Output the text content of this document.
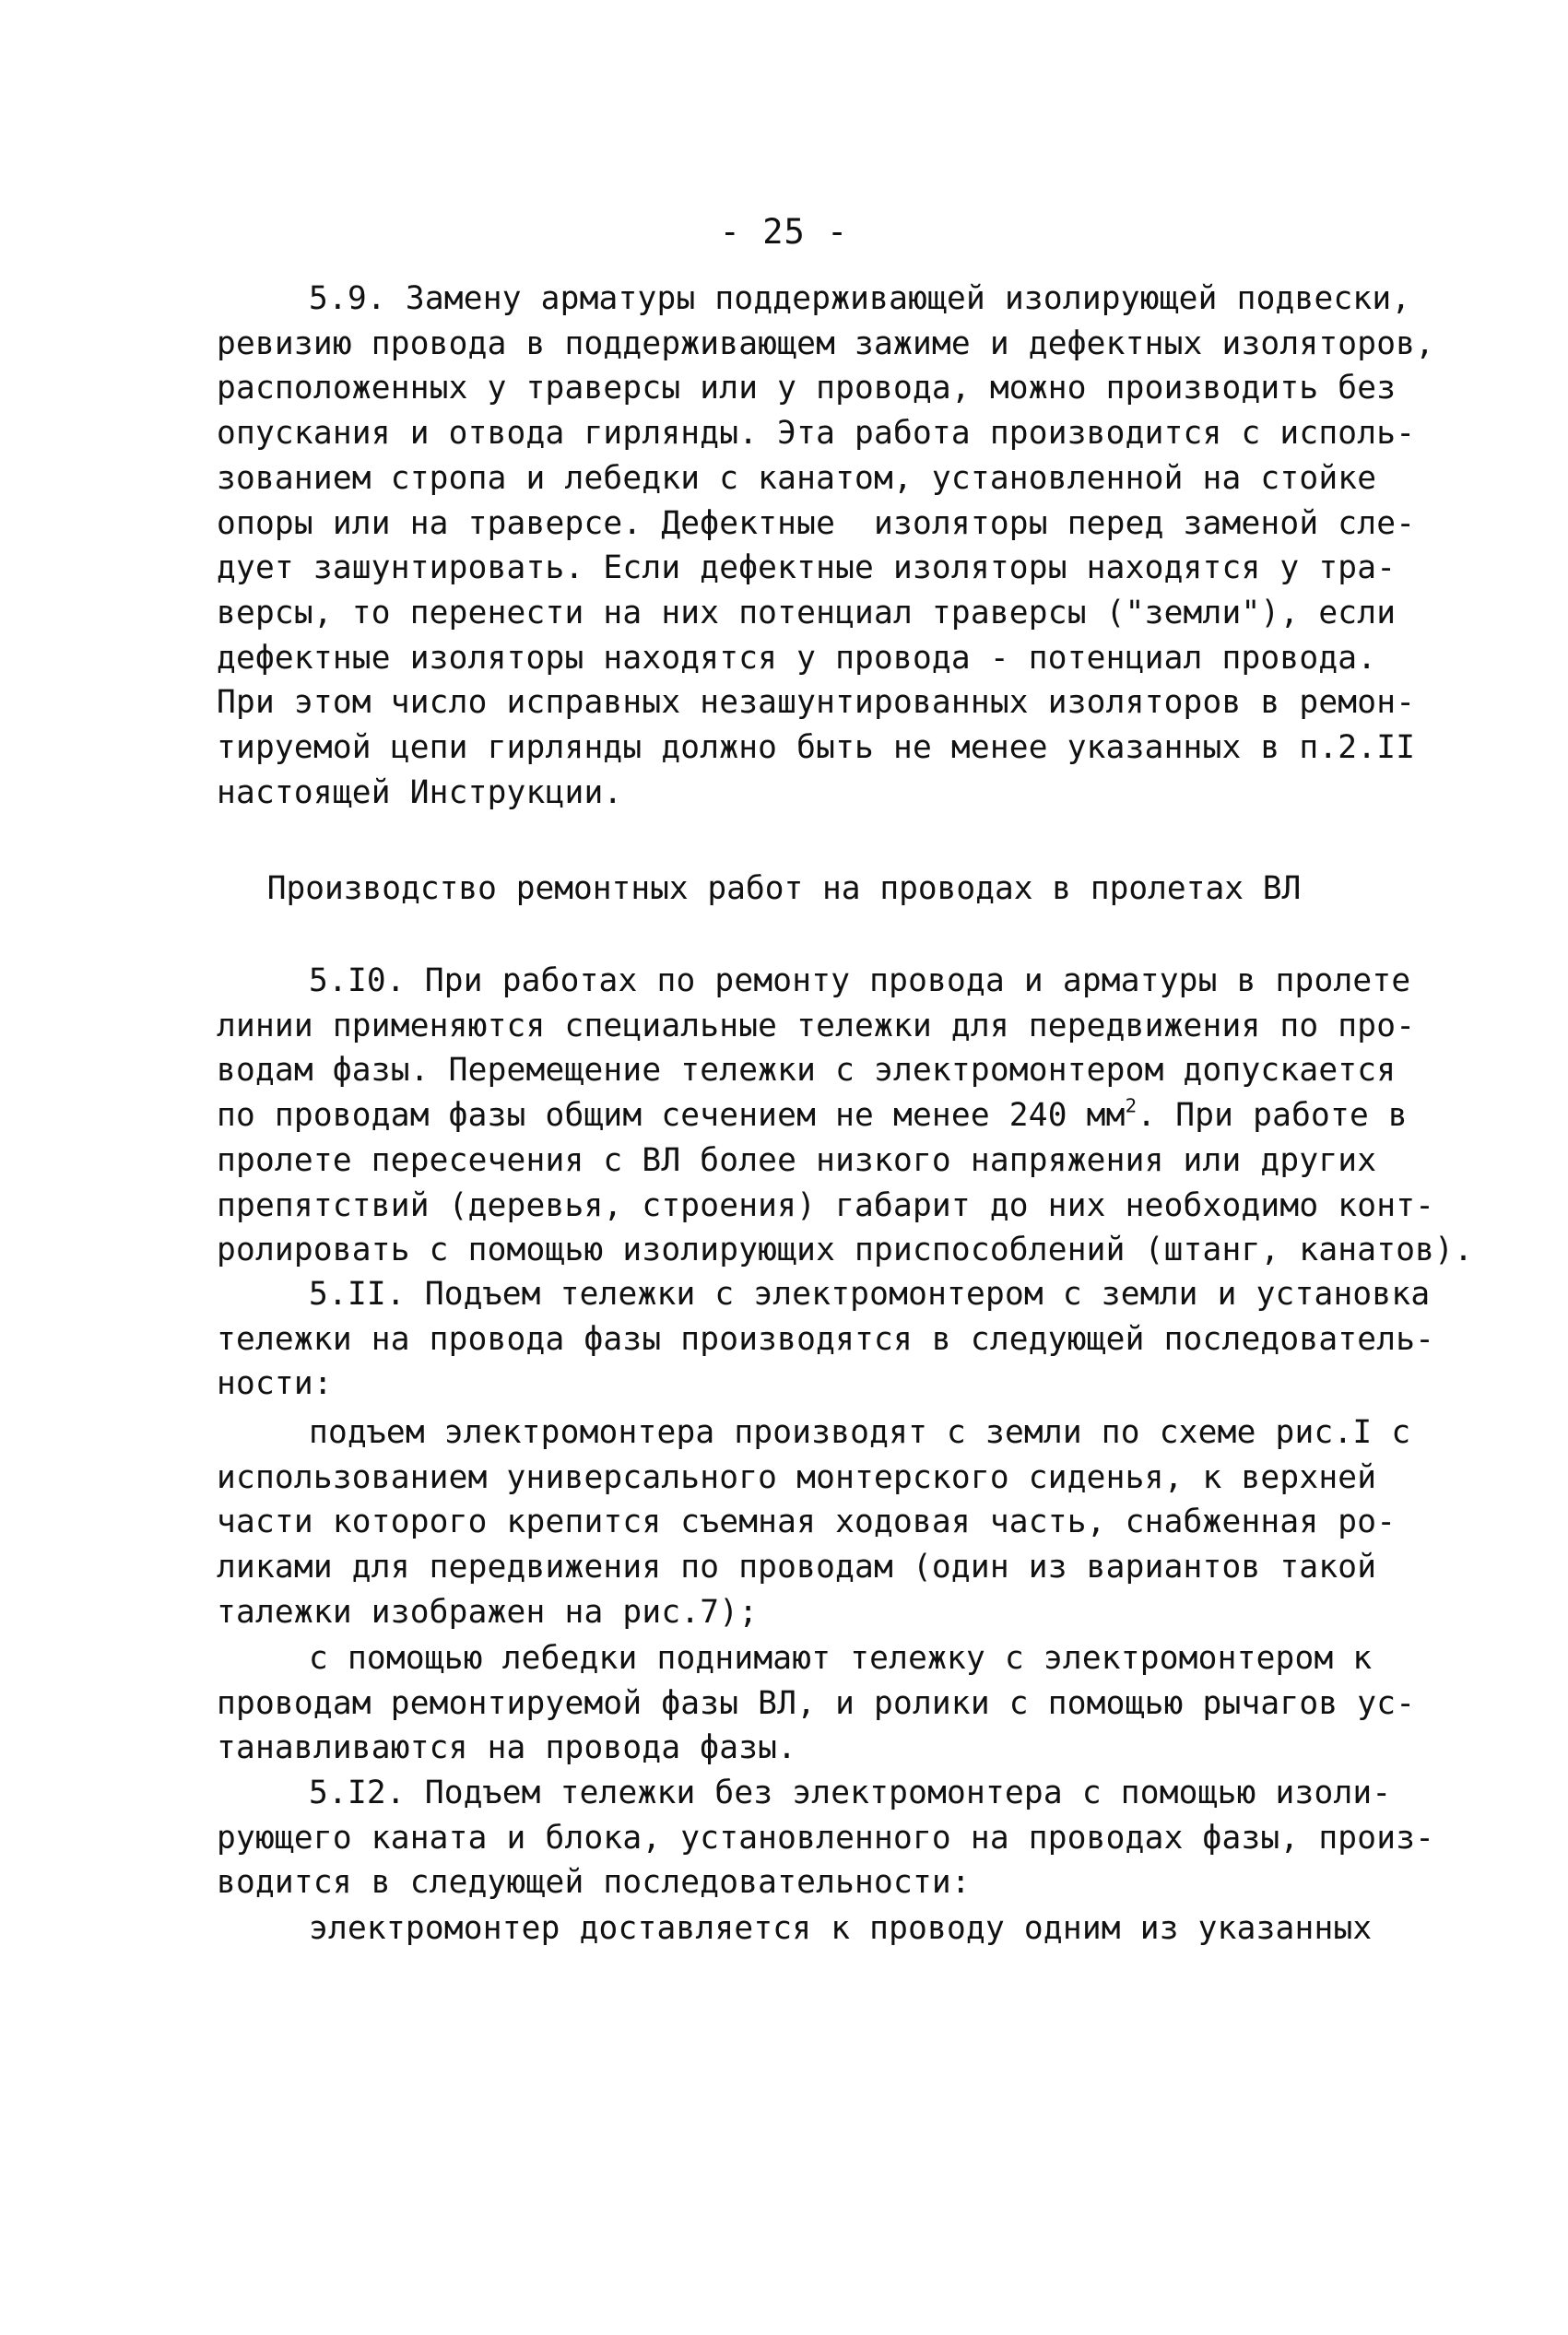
- 25 -
5.9. Замену арматуры поддерживающей изолирующей подвески,
ревизию провода в поддерживающем зажиме и дефектных изоляторов,
расположенных у траверсы или у провода, можно производить без
опускания и отвода гирлянды. Эта работа производится с исполь-
зованием стропа и лебедки с канатом, установленной на стойке
опоры или на траверсе. Дефектные  изоляторы перед заменой сле-
дует зашунтировать. Если дефектные изоляторы находятся у тра-
версы, то перенести на них потенциал траверсы ("земли"), если
дефектные изоляторы находятся у провода - потенциал провода.
При этом число исправных незашунтированных изоляторов в ремон-
тируемой цепи гирлянды должно быть не менее указанных в п.2.II
настоящей Инструкции.
Производство ремонтных работ на проводах в пролетах ВЛ
5.I0. При работах по ремонту провода и арматуры в пролете
линии применяются специальные тележки для передвижения по про-
водам фазы. Перемещение тележки с электромонтером допускается
по проводам фазы общим сечением не менее 240 $мм^2$. При работе в
пролете пересечения с ВЛ более низкого напряжения или других
препятствий (деревья, строения) габарит до них необходимо конт-
ролировать с помощью изолирующих приспособлений (штанг, канатов).
5.II. Подъем тележки с электромонтером с земли и установка
тележки на провода фазы производятся в следующей последователь-
ности:
подъем электромонтера производят с земли по схеме рис.I с
использованием универсального монтерского сиденья, к верхней
части которого крепится съемная ходовая часть, снабженная ро-
ликами для передвижения по проводам (один из вариантов такой
талежки изображен на рис.7);
с помощью лебедки поднимают тележку с электромонтером к
проводам ремонтируемой фазы ВЛ, и ролики с помощью рычагов ус-
танавливаются на провода фазы.
5.I2. Подъем тележки без электромонтера с помощью изоли-
рующего каната и блока, установленного на проводах фазы, произ-
водится в следующей последовательности:
электромонтер доставляется к проводу одним из указанных
